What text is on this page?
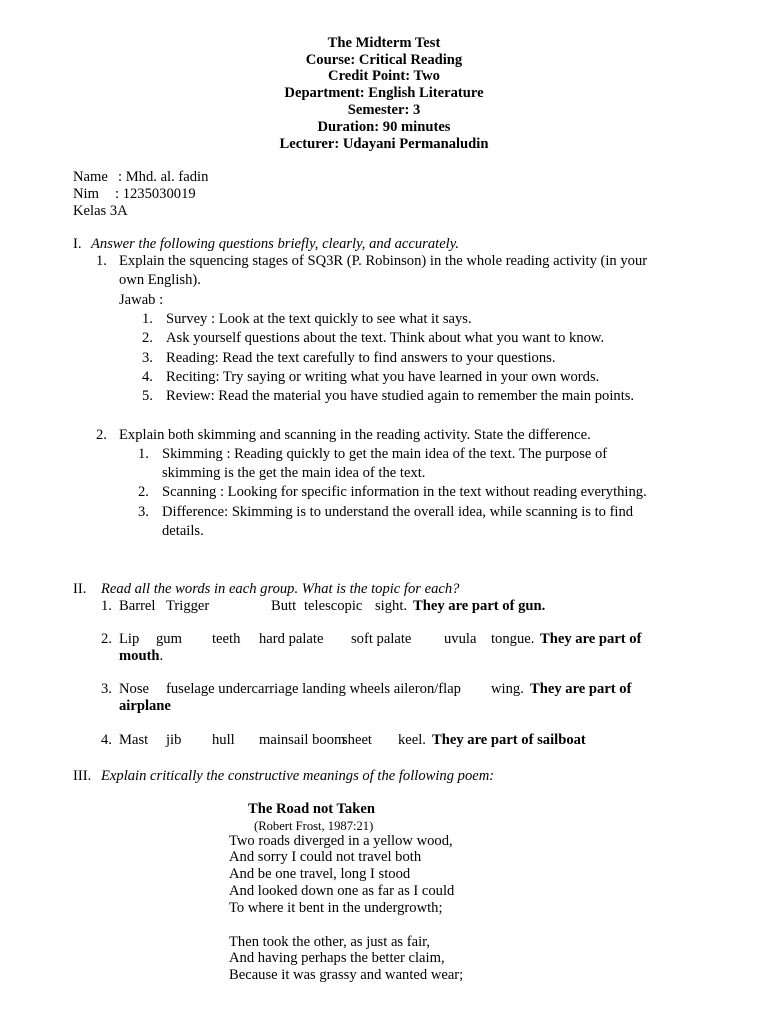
The Midterm Test
Course: Critical Reading
Credit Point: Two
Department: English Literature
Semester: 3
Duration: 90 minutes
Lecturer: Udayani Permanaludin
Name : Mhd. al. fadin
Nim : 1235030019
Kelas 3A
I. Answer the following questions briefly, clearly, and accurately.
1. Explain the squencing stages of SQ3R (P. Robinson) in the whole reading activity (in your
own English).
Jawab :
1. Survey : Look at the text quickly to see what it says.
2. Ask yourself questions about the text. Think about what you want to know.
3. Reading: Read the text carefully to find answers to your questions.
4. Reciting: Try saying or writing what you have learned in your own words.
5. Review: Read the material you have studied again to remember the main points.
2. Explain both skimming and scanning in the reading activity. State the difference.
1. Skimming : Reading quickly to get the main idea of the text. The purpose of
skimming is the get the main idea of the text.
2. Scanning : Looking for specific information in the text without reading everything.
3. Difference: Skimming is to understand the overall idea, while scanning is to find
details.
II. Read all the words in each group. What is the topic for each?
1. Barrel Trigger	Butt telescopic sight. They are part of gun.
2. Lip gum teeth hard palate soft palate uvula tongue. They are part of
mouth.
3. Nose fuselage undercarriage landing wheels aileron/flap wing. They are part of
airplane
4. Mast jib hull mainsail boom
sheet keel. They are part of sailboat
III. Explain critically the constructive meanings of the following poem:
The Road not Taken
(Robert Frost, 1987:21)
Two roads diverged in a yellow wood,
And sorry I could not travel both
And be one travel, long I stood
And looked down one as far as I could
To where it bent in the undergrowth;
Then took the other, as just as fair,
And having perhaps the better claim,
Because it was grassy and wanted wear;
